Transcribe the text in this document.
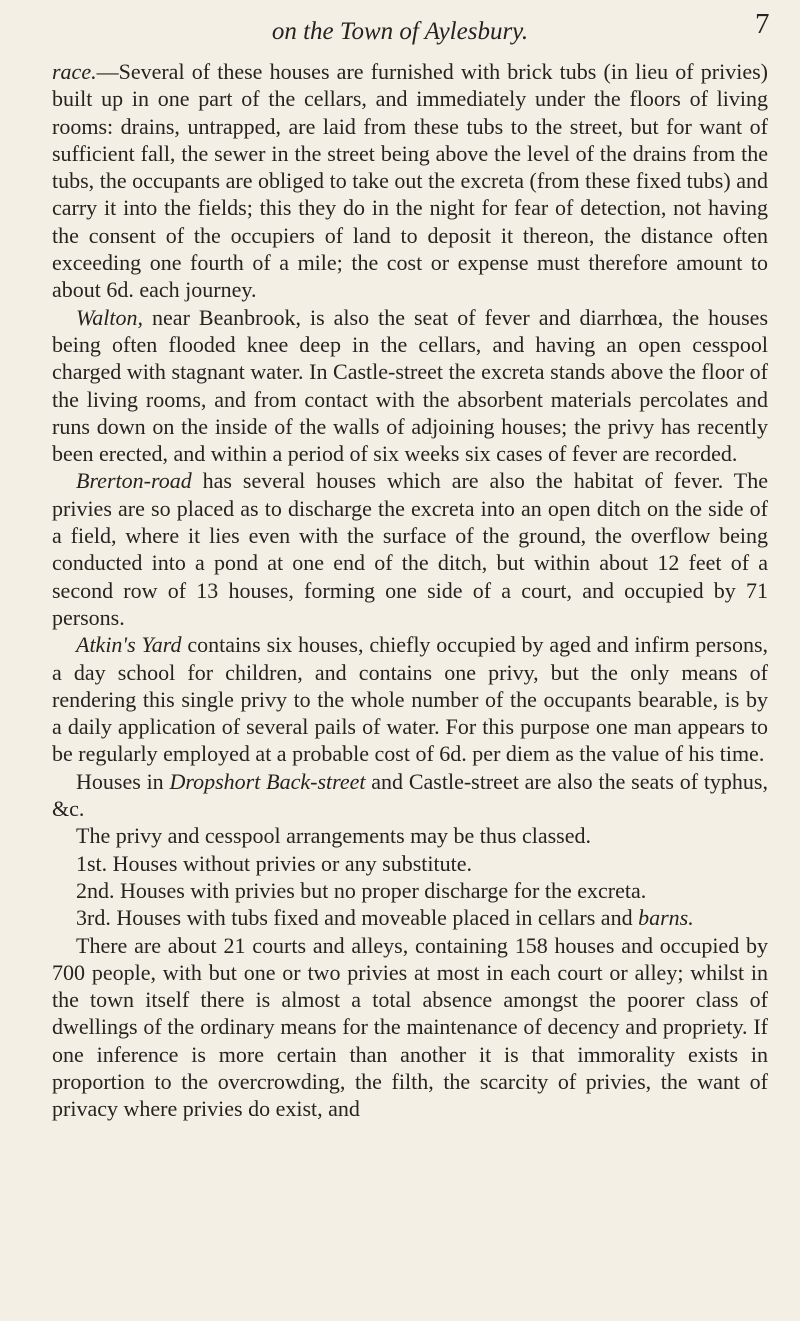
on the Town of Aylesbury.	7

race.—Several of these houses are furnished with brick tubs (in lieu of privies) built up in one part of the cellars, and immediately under the floors of living rooms: drains, untrapped, are laid from these tubs to the street, but for want of sufficient fall, the sewer in the street being above the level of the drains from the tubs, the occupants are obliged to take out the excreta (from these fixed tubs) and carry it into the fields; this they do in the night for fear of detection, not having the consent of the occupiers of land to deposit it thereon, the distance often exceeding one fourth of a mile; the cost or expense must therefore amount to about 6d. each journey.

Walton, near Beanbrook, is also the seat of fever and diarrhœa, the houses being often flooded knee deep in the cellars, and having an open cesspool charged with stagnant water. In Castle-street the excreta stands above the floor of the living rooms, and from contact with the absorbent materials percolates and runs down on the inside of the walls of adjoining houses; the privy has recently been erected, and within a period of six weeks six cases of fever are recorded.

Brerton-road has several houses which are also the habitat of fever. The privies are so placed as to discharge the excreta into an open ditch on the side of a field, where it lies even with the surface of the ground, the overflow being conducted into a pond at one end of the ditch, but within about 12 feet of a second row of 13 houses, forming one side of a court, and occupied by 71 persons.

Atkin's Yard contains six houses, chiefly occupied by aged and infirm persons, a day school for children, and contains one privy, but the only means of rendering this single privy to the whole number of the occupants bearable, is by a daily application of several pails of water. For this purpose one man appears to be regularly employed at a probable cost of 6d. per diem as the value of his time.

Houses in Dropshort Back-street and Castle-street are also the seats of typhus, &c.

The privy and cesspool arrangements may be thus classed.

1st. Houses without privies or any substitute.

2nd. Houses with privies but no proper discharge for the excreta.

3rd. Houses with tubs fixed and moveable placed in cellars and barns.

There are about 21 courts and alleys, containing 158 houses and occupied by 700 people, with but one or two privies at most in each court or alley; whilst in the town itself there is almost a total absence amongst the poorer class of dwellings of the ordinary means for the maintenance of decency and propriety. If one inference is more certain than another it is that immorality exists in proportion to the overcrowding, the filth, the scarcity of privies, the want of privacy where privies do exist, and
